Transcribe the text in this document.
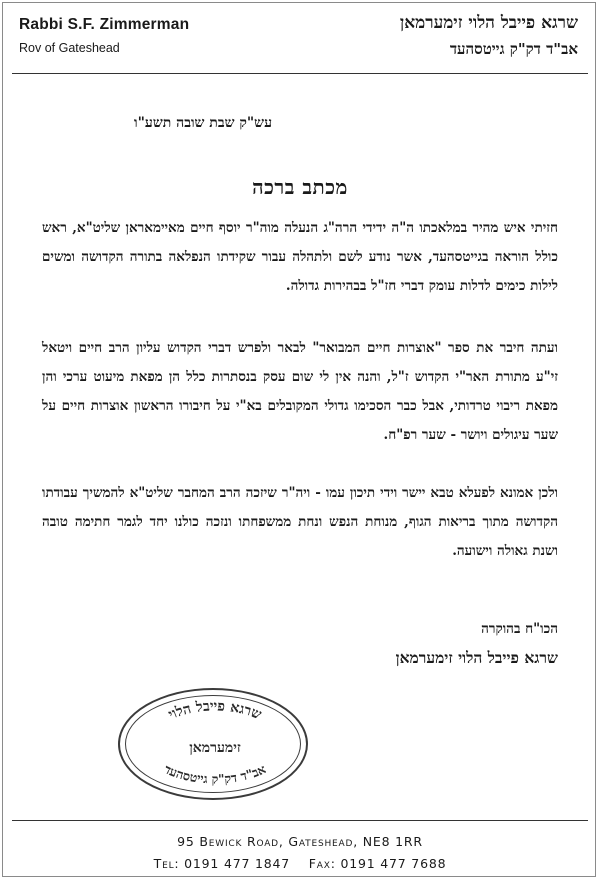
Rabbi S.F. Zimmerman
Rov of Gateshead
שרגא פייבל הלוי זימערמאן
אב"ד דק"ק גייטסהעד
עש"ק שבת שובה תשע"ו
מכתב ברכה
חזיתי איש מהיר במלאכתו ה"ה ידידי הרה"ג הנעלה מוה"ר יוסף חיים מאיימאראן שליט"א, ראש כולל הוראה בגייטסהעד, אשר נודע לשם ולתהלה עבור שקידתו הנפלאה בתורה הקדושה ומשים לילות כימים לדלות עומק דברי חז"ל בבהירות גדולה.
ועתה חיבר את ספר "אוצרות חיים המבואר" לבאר ולפרש דברי הקדוש עליון הרב חיים ויטאל זי"ע מתורת האר"י הקדוש ז"ל, והנה אין לי שום עסק בנסתרות כלל הן מפאת מיעוט ערכי והן מפאת ריבוי טרדותי, אבל כבר הסכימו גדולי המקובלים בא"י על חיבורו הראשון אוצרות חיים על שער עיגולים ויושר - שער רפ"ח.
ולכן אמונא לפעלא טבא יישר וידי תיכון עמו - ויה"ר שיזכה הרב המחבר שליט"א להמשיך עבודתו הקדושה מתוך בריאות הגוף, מנוחת הנפש ונחת ממשפחתו ונזכה כולנו יחד לגמר חתימה טובה ושנת גאולה וישועה.
הכו"ח בהוקרה
שרגא פייבל הלוי זימערמאן
שרגא פייבל הלוי
זימערמאן
אב"ד דק"ק גייטסהעד
95 Bewick Road, Gateshead, NE8 1RR
Tel: 0191 477 1847 Fax: 0191 477 7688
